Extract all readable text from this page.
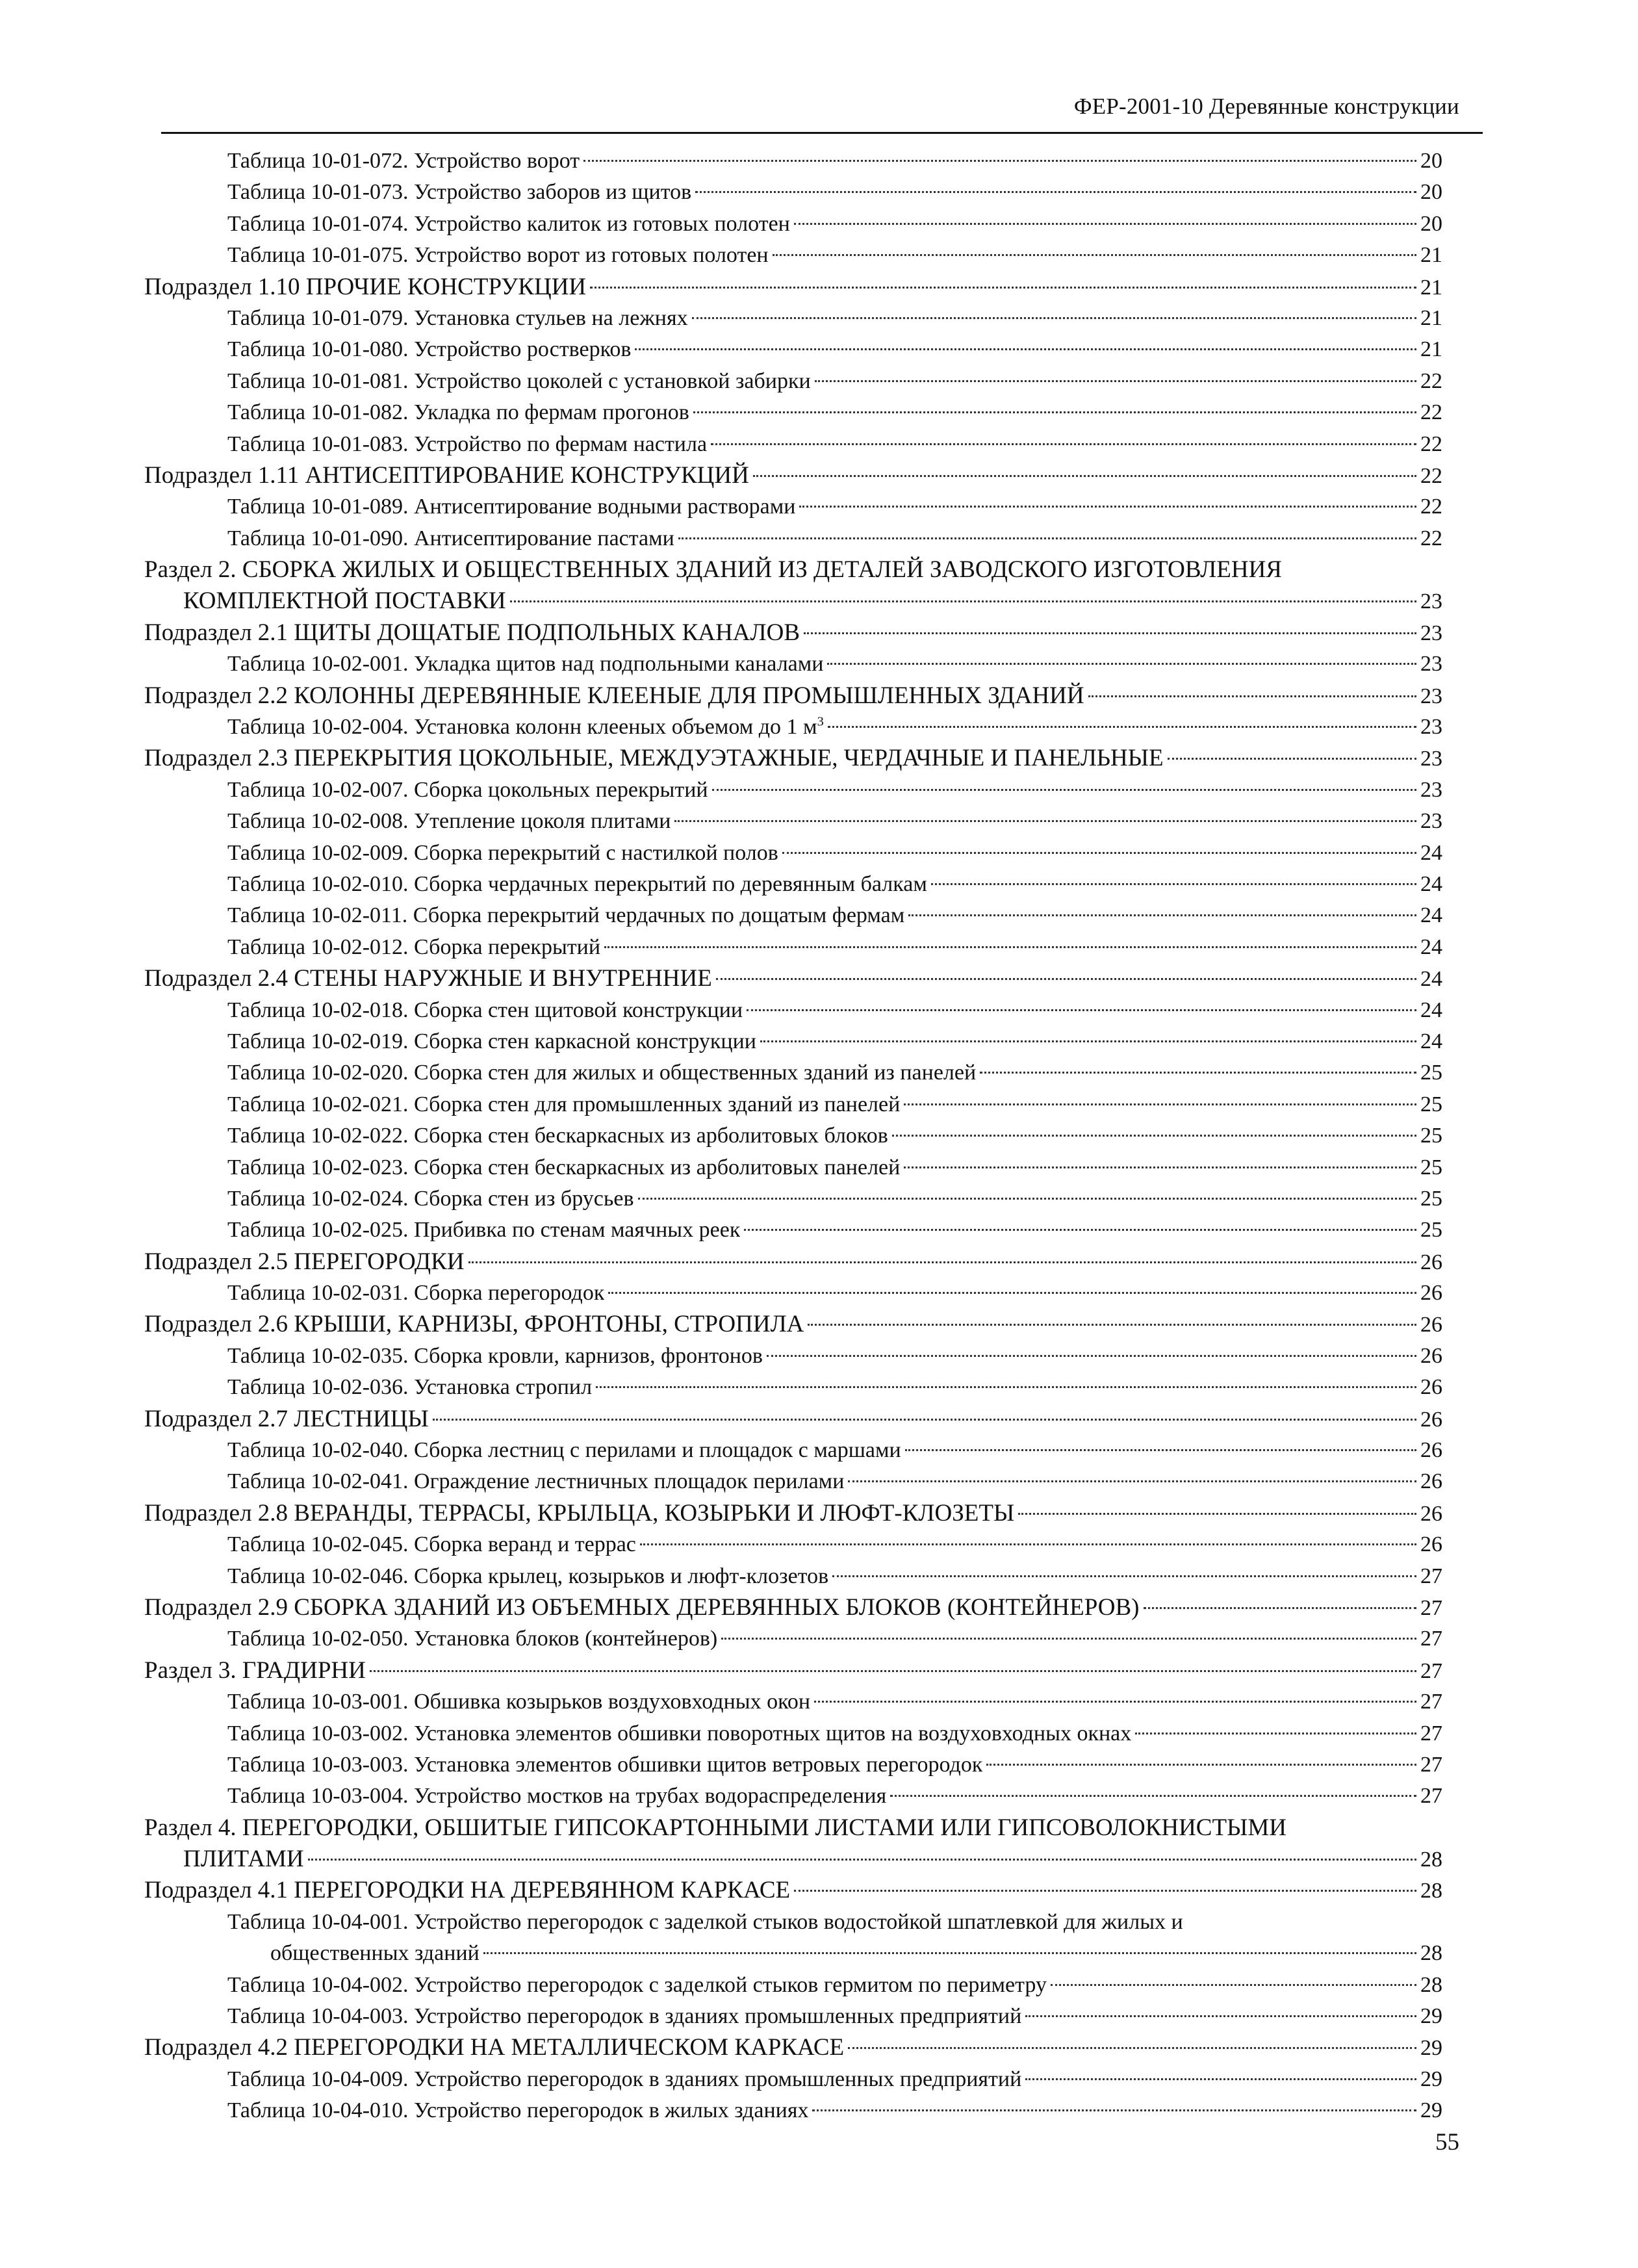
ФЕР-2001-10 Деревянные конструкции
Таблица 10-01-072. Устройство ворот	20
Таблица 10-01-073. Устройство заборов из щитов	20
Таблица 10-01-074. Устройство калиток из готовых полотен	20
Таблица 10-01-075. Устройство ворот из готовых полотен	21
Подраздел 1.10 ПРОЧИЕ КОНСТРУКЦИИ	21
Таблица 10-01-079. Установка стульев на лежнях	21
Таблица 10-01-080. Устройство ростверков	21
Таблица 10-01-081. Устройство цоколей с установкой забирки	22
Таблица 10-01-082. Укладка по фермам прогонов	22
Таблица 10-01-083. Устройство по фермам настила	22
Подраздел 1.11 АНТИСЕПТИРОВАНИЕ КОНСТРУКЦИЙ	22
Таблица 10-01-089. Антисептирование водными растворами	22
Таблица 10-01-090. Антисептирование пастами	22
Раздел 2. СБОРКА ЖИЛЫХ И ОБЩЕСТВЕННЫХ ЗДАНИЙ ИЗ ДЕТАЛЕЙ ЗАВОДСКОГО ИЗГОТОВЛЕНИЯ
КОМПЛЕКТНОЙ ПОСТАВКИ	23
Подраздел 2.1 ЩИТЫ ДОЩАТЫЕ ПОДПОЛЬНЫХ КАНАЛОВ	23
Таблица 10-02-001. Укладка щитов над подпольными каналами	23
Подраздел 2.2 КОЛОННЫ ДЕРЕВЯННЫЕ КЛЕЕНЫЕ ДЛЯ ПРОМЫШЛЕННЫХ ЗДАНИЙ	23
Таблица 10-02-004. Установка колонн клееных объемом до 1 $м^3$	23
Подраздел 2.3 ПЕРЕКРЫТИЯ ЦОКОЛЬНЫЕ, МЕЖДУЭТАЖНЫЕ, ЧЕРДАЧНЫЕ И ПАНЕЛЬНЫЕ	23
Таблица 10-02-007. Сборка цокольных перекрытий	23
Таблица 10-02-008. Утепление цоколя плитами	23
Таблица 10-02-009. Сборка перекрытий с настилкой полов	24
Таблица 10-02-010. Сборка чердачных перекрытий по деревянным балкам	24
Таблица 10-02-011. Сборка перекрытий чердачных по дощатым фермам	24
Таблица 10-02-012. Сборка перекрытий	24
Подраздел 2.4 СТЕНЫ НАРУЖНЫЕ И ВНУТРЕННИЕ	24
Таблица 10-02-018. Сборка стен щитовой конструкции	24
Таблица 10-02-019. Сборка стен каркасной конструкции	24
Таблица 10-02-020. Сборка стен для жилых и общественных зданий из панелей	25
Таблица 10-02-021. Сборка стен для промышленных зданий из панелей	25
Таблица 10-02-022. Сборка стен бескаркасных из арболитовых блоков	25
Таблица 10-02-023. Сборка стен бескаркасных из арболитовых панелей	25
Таблица 10-02-024. Сборка стен из брусьев	25
Таблица 10-02-025. Прибивка по стенам маячных реек	25
Подраздел 2.5 ПЕРЕГОРОДКИ	26
Таблица 10-02-031. Сборка перегородок	26
Подраздел 2.6 КРЫШИ, КАРНИЗЫ, ФРОНТОНЫ, СТРОПИЛА	26
Таблица 10-02-035. Сборка кровли, карнизов, фронтонов	26
Таблица 10-02-036. Установка стропил	26
Подраздел 2.7 ЛЕСТНИЦЫ	26
Таблица 10-02-040. Сборка лестниц с перилами и площадок с маршами	26
Таблица 10-02-041. Ограждение лестничных площадок перилами	26
Подраздел 2.8 ВЕРАНДЫ, ТЕРРАСЫ, КРЫЛЬЦА, КОЗЫРЬКИ И ЛЮФТ-КЛОЗЕТЫ	26
Таблица 10-02-045. Сборка веранд и террас	26
Таблица 10-02-046. Сборка крылец, козырьков и люфт-клозетов	27
Подраздел 2.9 СБОРКА ЗДАНИЙ ИЗ ОБЪЕМНЫХ ДЕРЕВЯННЫХ БЛОКОВ (КОНТЕЙНЕРОВ)	27
Таблица 10-02-050. Установка блоков (контейнеров)	27
Раздел 3. ГРАДИРНИ	27
Таблица 10-03-001. Обшивка козырьков воздуховходных окон	27
Таблица 10-03-002. Установка элементов обшивки поворотных щитов на воздуховходных окнах	27
Таблица 10-03-003. Установка элементов обшивки щитов ветровых перегородок	27
Таблица 10-03-004. Устройство мостков на трубах водораспределения	27
Раздел 4. ПЕРЕГОРОДКИ, ОБШИТЫЕ ГИПСОКАРТОННЫМИ ЛИСТАМИ ИЛИ ГИПСОВОЛОКНИСТЫМИ
ПЛИТАМИ	28
Подраздел 4.1 ПЕРЕГОРОДКИ НА ДЕРЕВЯННОМ КАРКАСЕ	28
Таблица 10-04-001. Устройство перегородок с заделкой стыков водостойкой шпатлевкой для жилых и
общественных зданий	28
Таблица 10-04-002. Устройство перегородок с заделкой стыков гермитом по периметру	28
Таблица 10-04-003. Устройство перегородок в зданиях промышленных предприятий	29
Подраздел 4.2 ПЕРЕГОРОДКИ НА МЕТАЛЛИЧЕСКОМ КАРКАСЕ	29
Таблица 10-04-009. Устройство перегородок в зданиях промышленных предприятий	29
Таблица 10-04-010. Устройство перегородок в жилых зданиях	29
55
